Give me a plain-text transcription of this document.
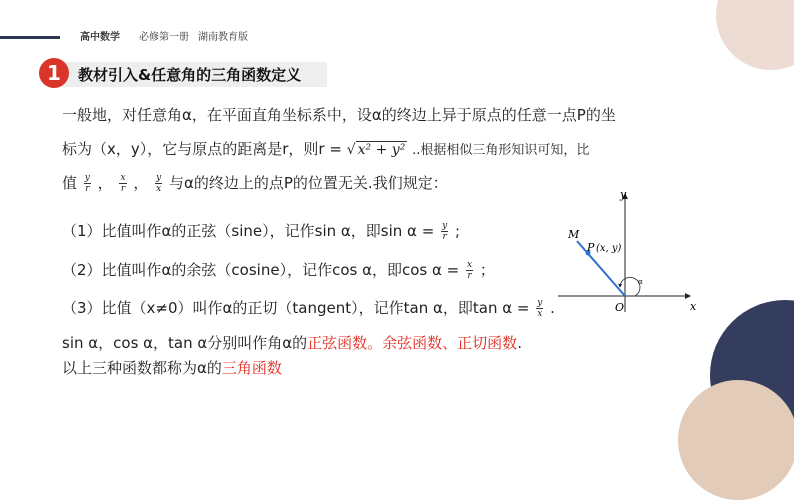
高中数学 必修第一册 湖南教育版
1	教材引入&任意角的三角函数定义
一般地，对任意角α，在平面直角坐标系中，设α的终边上异于原点的任意一点P的坐
标为（x，y），它与原点的距离是r，则r = √ x² + y² ..根据相似三角形知识可知，比
值 $\frac{y}{r}$ ， $\frac{x}{r}$ ， $\frac{y}{x}$ 与α的终边上的点P的位置无关.我们规定：
（1）比值叫作α的正弦（sine），记作sin α，即$\sin \alpha = \frac{y}{r}$ ;
（2）比值叫作α的余弦（cosine），记作cos α，即$\cos \alpha = \frac{x}{r}$ ；
（3）比值（x≠0）叫作α的正切（tangent），记作tan α，即$\tan \alpha = \frac{y}{x}$ .
sin α，cos α，tan α分别叫作角α的正弦函数。余弦函数、正切函数.
以上三种函数都称为α的三角函数
y
x
O
M
P (x, y)
α
